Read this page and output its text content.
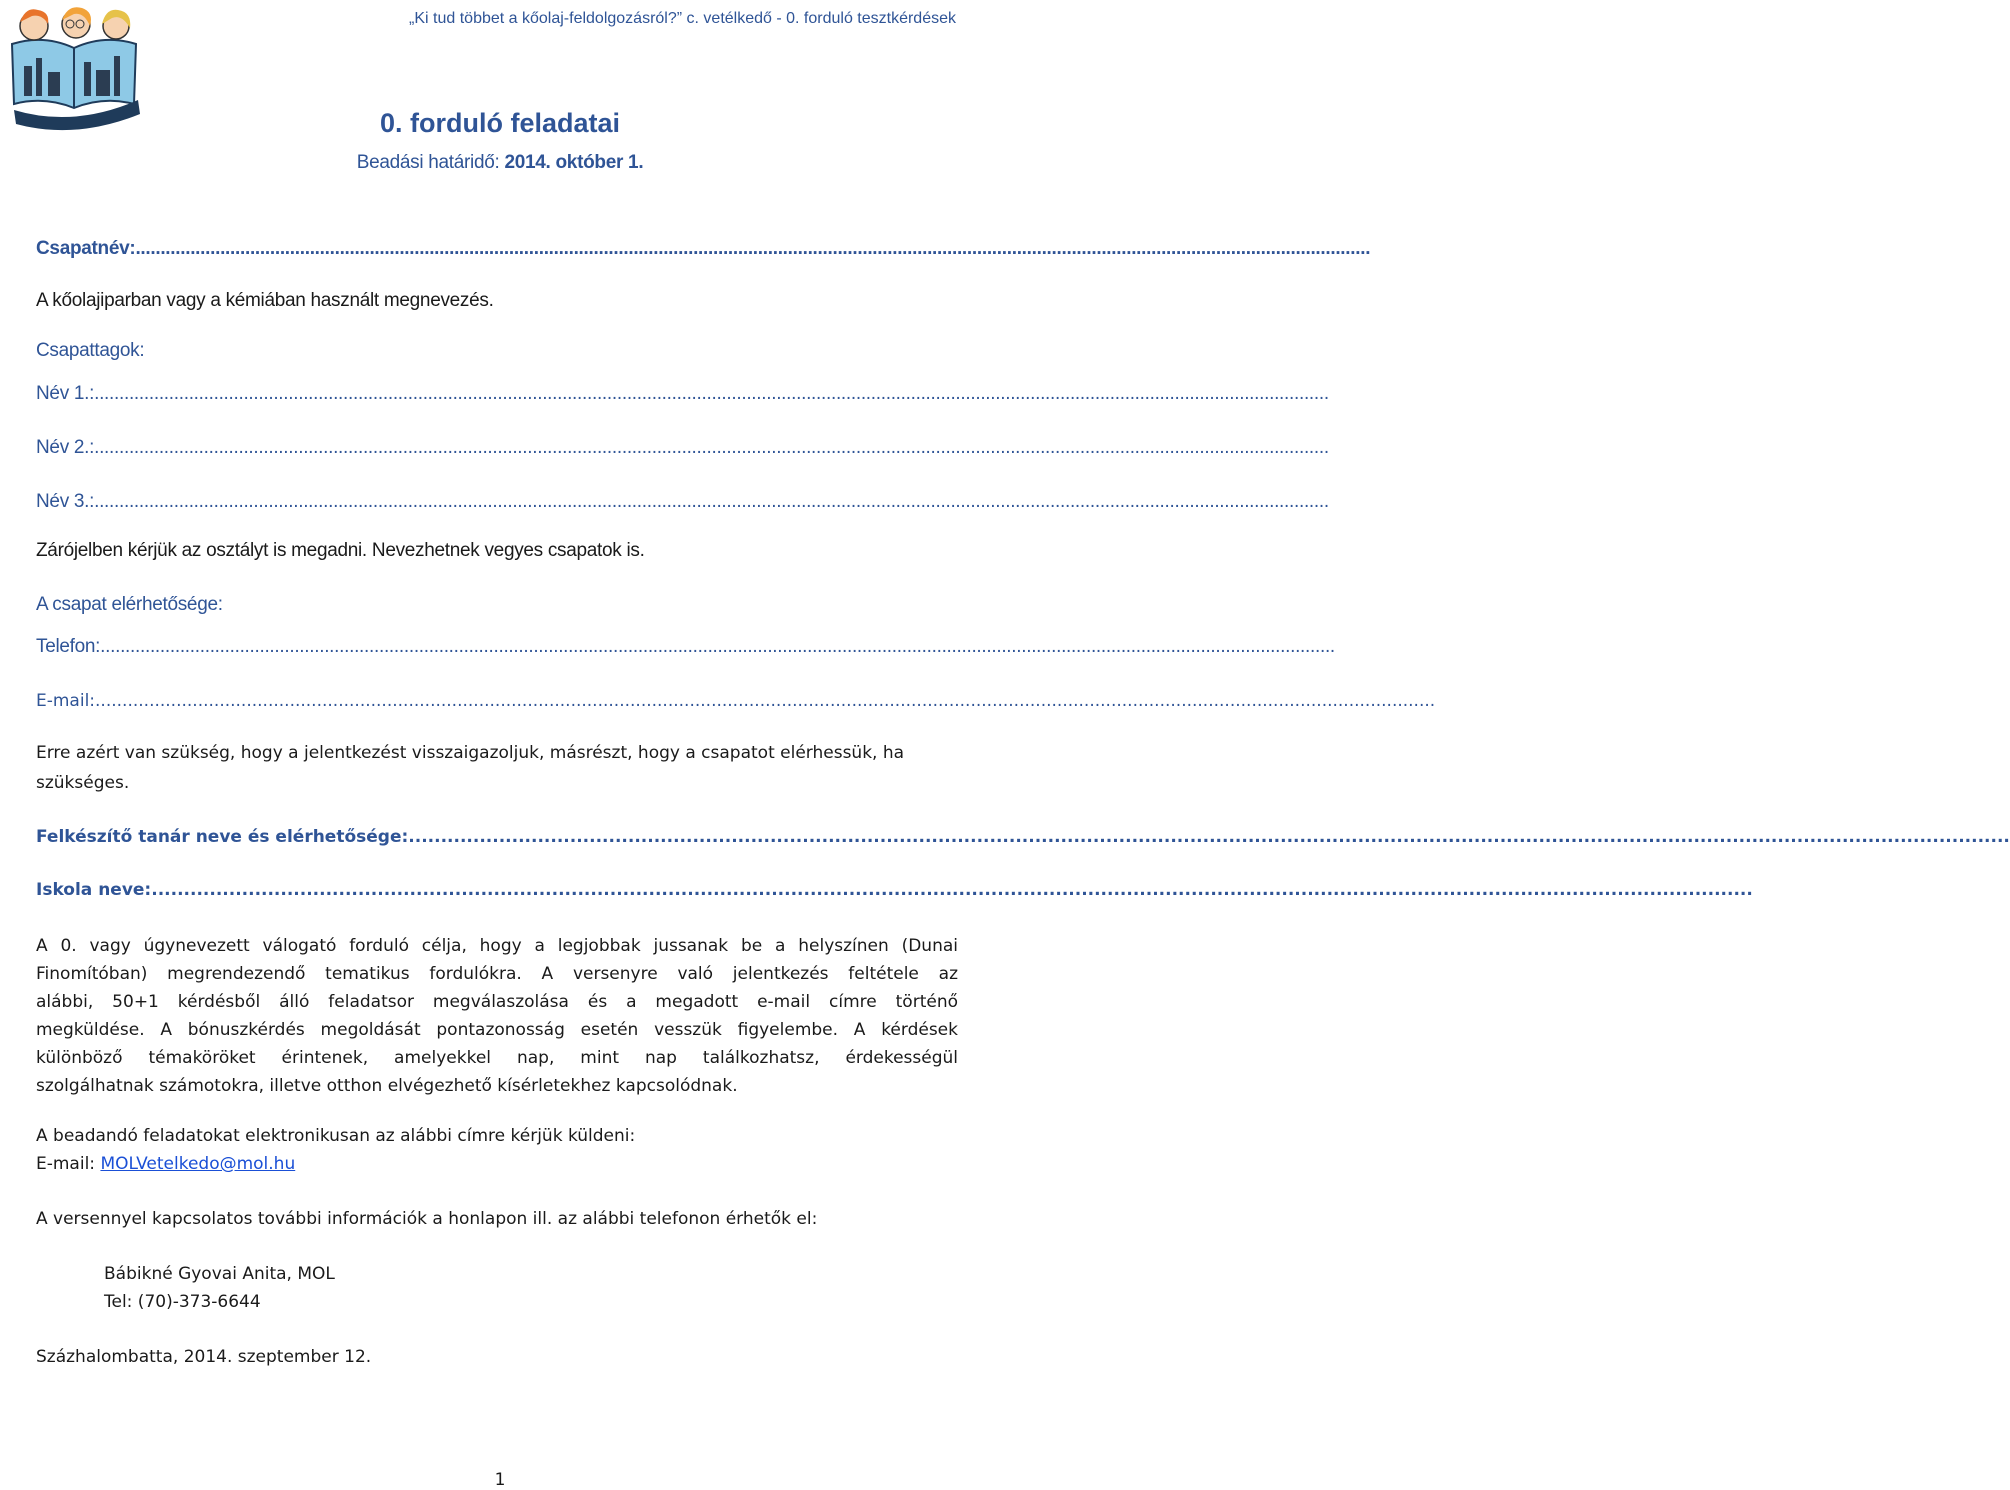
„Ki tud többet a kőolaj-feldolgozásról?” c. vetélkedő - 0. forduló tesztkérdések
0. forduló feladatai
Beadási határidő: 2014. október 1.
Csapatnév: ........................................................................................................................................................................................................................................................
A kőolajiparban vagy a kémiában használt megnevezés.
Csapattagok:
Név 1.: ........................................................................................................................................................................................................................................................
Név 2.: ........................................................................................................................................................................................................................................................
Név 3.: ........................................................................................................................................................................................................................................................
Zárójelben kérjük az osztályt is megadni. Nevezhetnek vegyes csapatok is.
A csapat elérhetősége:
Telefon: ........................................................................................................................................................................................................................................................
E-mail: ........................................................................................................................................................................................................................................................
Erre azért van szükség, hogy a jelentkezést visszaigazoljuk, másrészt, hogy a csapatot elérhessük, ha
szükséges.
Felkészítő tanár neve és elérhetősége: ........................................................................................................................................................................................................................................................
Iskola neve: ........................................................................................................................................................................................................................................................
A 0. vagy úgynevezett válogató forduló célja, hogy a legjobbak jussanak be a helyszínen (Dunai
Finomítóban) megrendezendő tematikus fordulókra. A versenyre való jelentkezés feltétele az
alábbi, 50+1 kérdésből álló feladatsor megválaszolása és a megadott e-mail címre történő
megküldése. A bónuszkérdés megoldását pontazonosság esetén vesszük figyelembe. A kérdések
különböző témaköröket érintenek, amelyekkel nap, mint nap találkozhatsz, érdekességül
szolgálhatnak számotokra, illetve otthon elvégezhető kísérletekhez kapcsolódnak.
A beadandó feladatokat elektronikusan az alábbi címre kérjük küldeni:
E-mail: MOLVetelkedo@mol.hu
A versennyel kapcsolatos további információk a honlapon ill. az alábbi telefonon érhetők el:
Bábikné Gyovai Anita, MOL
Tel: (70)-373-6644
Százhalombatta, 2014. szeptember 12.
1
